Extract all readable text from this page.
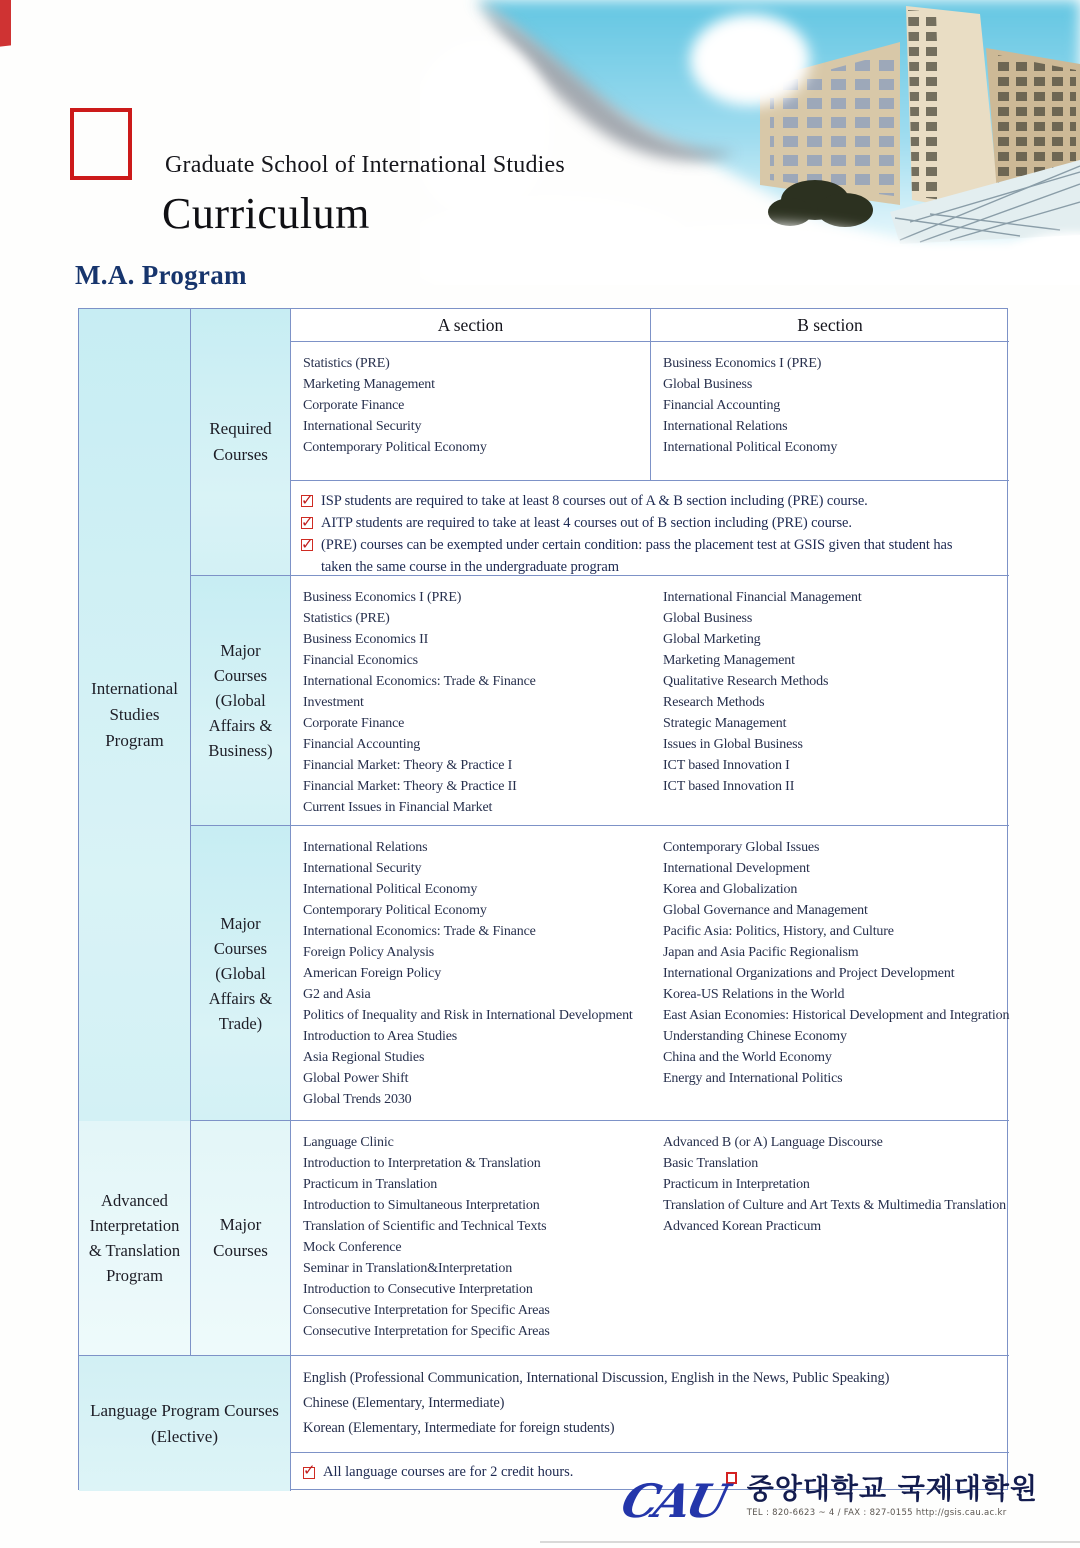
Graduate School of International Studies
Curriculum
M.A. Program
International Studies Program
Required Courses
A section	B section
Statistics (PRE)
Marketing Management
Corporate Finance
International Security
Contemporary Political Economy
Business Economics I (PRE)
Global Business
Financial Accounting
International Relations
International Political Economy
✓
ISP students are required to take at least 8 courses out of A & B section including (PRE) course.
✓
AITP students are required to take at least 4 courses out of B section including (PRE) course.
✓
(PRE) courses can be exempted under certain condition: pass the placement test at GSIS given that student has taken the same course in the undergraduate program
Major Courses (Global Affairs & Business)
Business Economics I (PRE)
Statistics (PRE)
Business Economics II
Financial Economics
International Economics: Trade & Finance
Investment
Corporate Finance
Financial Accounting
Financial Market: Theory & Practice I
Financial Market: Theory & Practice II
Current Issues in Financial Market
International Financial Management
Global Business
Global Marketing
Marketing Management
Qualitative Research Methods
Research Methods
Strategic Management
Issues in Global Business
ICT based Innovation I
ICT based Innovation II
Major Courses (Global Affairs & Trade)
International Relations
International Security
International Political Economy
Contemporary Political Economy
International Economics: Trade & Finance
Foreign Policy Analysis
American Foreign Policy
G2 and Asia
Politics of Inequality and Risk in International Development
Introduction to Area Studies
Asia Regional Studies
Global Power Shift
Global Trends 2030
Contemporary Global Issues
International Development
Korea and Globalization
Global Governance and Management
Pacific Asia: Politics, History, and Culture
Japan and Asia Pacific Regionalism
International Organizations and Project Development
Korea-US Relations in the World
East Asian Economies: Historical Development and Integration
Understanding Chinese Economy
China and the World Economy
Energy and International Politics
Advanced Interpretation & Translation Program
Major Courses
Language Clinic
Introduction to Interpretation & Translation
Practicum in Translation
Introduction to Simultaneous Interpretation
Translation of Scientific and Technical Texts
Mock Conference
Seminar in Translation&Interpretation
Introduction to Consecutive Interpretation
Consecutive Interpretation for Specific Areas
Consecutive Interpretation for Specific Areas
Advanced B (or A) Language Discourse
Basic Translation
Practicum in Interpretation
Translation of Culture and Art Texts & Multimedia Translation
Advanced Korean Practicum
Language Program Courses (Elective)
English (Professional Communication, International Discussion, English in the News, Public Speaking)
Chinese (Elementary, Intermediate)
Korean (Elementary, Intermediate for foreign students)
✓
All language courses are for 2 credit hours.
CAU 중앙대학교 국제대학원
TEL : 820-6623 ~ 4 / FAX : 827-0155 http://gsis.cau.ac.kr
